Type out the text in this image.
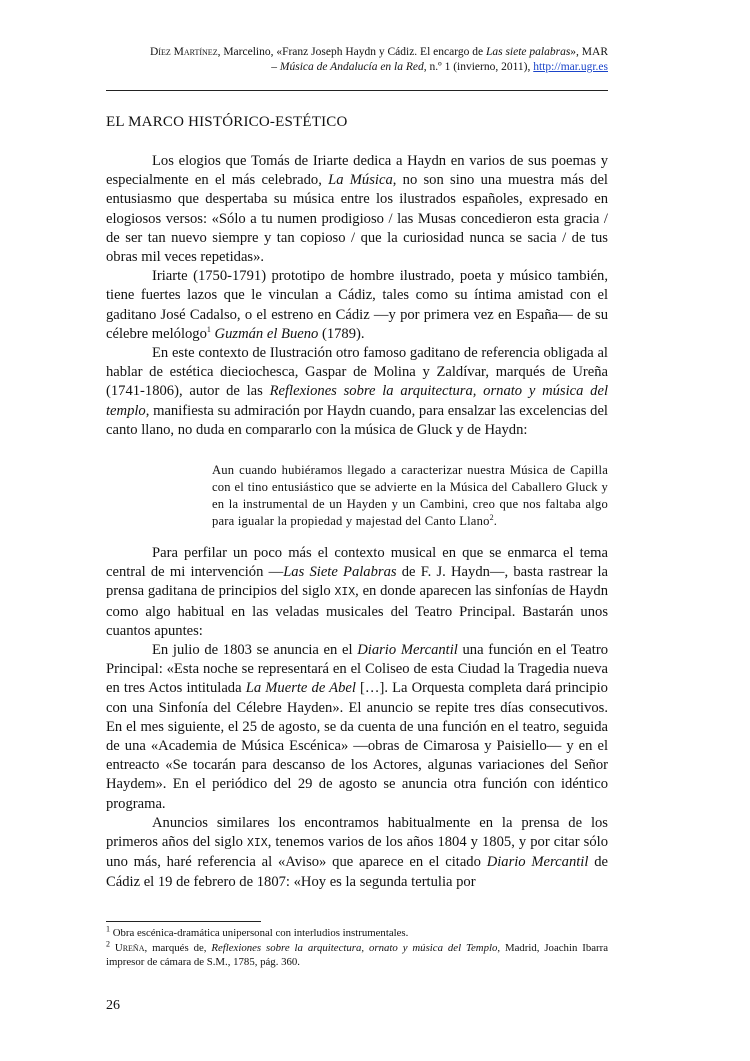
Díez Martínez, Marcelino, «Franz Joseph Haydn y Cádiz. El encargo de Las siete palabras», MAR
– Música de Andalucía en la Red, n.º 1 (invierno, 2011), http://mar.ugr.es
EL MARCO HISTÓRICO-ESTÉTICO

Los elogios que Tomás de Iriarte dedica a Haydn en varios de sus poemas y especialmente en el más celebrado, La Música, no son sino una muestra más del entusiasmo que despertaba su música entre los ilustrados españoles, expresado en elogiosos versos: «Sólo a tu numen prodigioso / las Musas concedieron esta gracia / de ser tan nuevo siempre y tan copioso / que la curiosidad nunca se sacia / de tus obras mil veces repetidas».

Iriarte (1750-1791) prototipo de hombre ilustrado, poeta y músico también, tiene fuertes lazos que le vinculan a Cádiz, tales como su íntima amistad con el gaditano José Cadalso, o el estreno en Cádiz —y por primera vez en España— de su célebre melólogo$^1$ Guzmán el Bueno (1789).

En este contexto de Ilustración otro famoso gaditano de referencia obligada al hablar de estética dieciochesca, Gaspar de Molina y Zaldívar, marqués de Ureña (1741-1806), autor de las Reflexiones sobre la arquitectura, ornato y música del templo, manifiesta su admiración por Haydn cuando, para ensalzar las excelencias del canto llano, no duda en compararlo con la música de Gluck y de Haydn:

Aun cuando hubiéramos llegado a caracterizar nuestra Música de Capilla con el tino entusiástico que se advierte en la Música del Caballero Gluck y en la instrumental de un Hayden y un Cambini, creo que nos faltaba algo para igualar la propiedad y majestad del Canto Llano$^2$.

Para perfilar un poco más el contexto musical en que se enmarca el tema central de mi intervención —Las Siete Palabras de F. J. Haydn—, basta rastrear la prensa gaditana de principios del siglo XIX, en donde aparecen las sinfonías de Haydn como algo habitual en las veladas musicales del Teatro Principal. Bastarán unos cuantos apuntes:

En julio de 1803 se anuncia en el Diario Mercantil una función en el Teatro Principal: «Esta noche se representará en el Coliseo de esta Ciudad la Tragedia nueva en tres Actos intitulada La Muerte de Abel […]. La Orquesta completa dará principio con una Sinfonía del Célebre Hayden». El anuncio se repite tres días consecutivos. En el mes siguiente, el 25 de agosto, se da cuenta de una función en el teatro, seguida de una «Academia de Música Escénica» —obras de Cimarosa y Paisiello— y en el entreacto «Se tocarán para descanso de los Actores, algunas variaciones del Señor Haydem». En el periódico del 29 de agosto se anuncia otra función con idéntico programa.

Anuncios similares los encontramos habitualmente en la prensa de los primeros años del siglo XIX, tenemos varios de los años 1804 y 1805, y por citar sólo uno más, haré referencia al «Aviso» que aparece en el citado Diario Mercantil de Cádiz el 19 de febrero de 1807: «Hoy es la segunda tertulia por

$^1$ Obra escénica-dramática unipersonal con interludios instrumentales.

$^2$ Ureña, marqués de, Reflexiones sobre la arquitectura, ornato y música del Templo, Madrid, Joachin Ibarra impresor de cámara de S.M., 1785, pág. 360.

26
